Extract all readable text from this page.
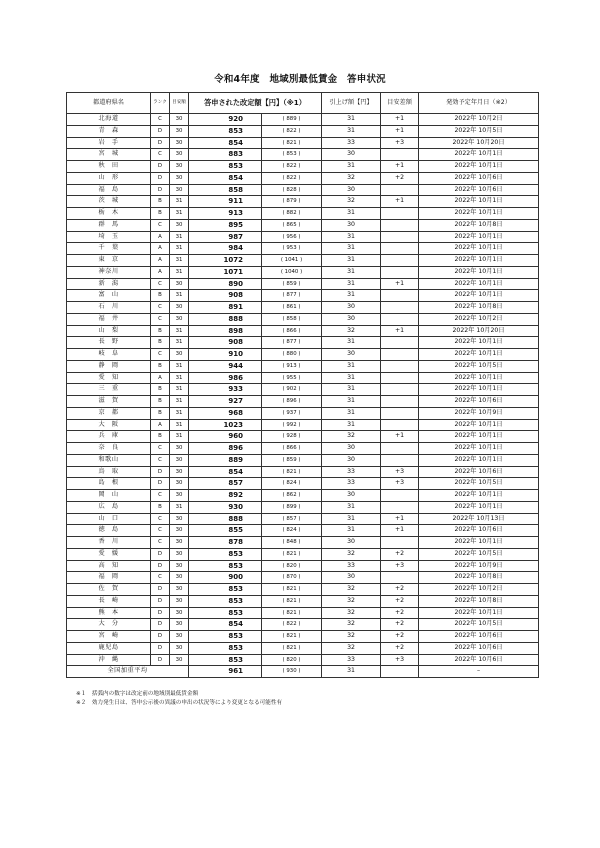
令和4年度　地域別最低賃金　答申状況
都道府県名	ランク	目安額	答申された改定額【円】（※1）		引上げ額【円】	目安差額	発効予定年月日（※2）
北海道	C	30	920	( 889 )	31	+1	2022年 10月2日
青　森	D	30	853	( 822 )	31	+1	2022年 10月5日
岩　手	D	30	854	( 821 )	33	+3	2022年 10月20日
宮　城	C	30	883	( 853 )	30		2022年 10月1日
秋　田	D	30	853	( 822 )	31	+1	2022年 10月1日
山　形	D	30	854	( 822 )	32	+2	2022年 10月6日
福　島	D	30	858	( 828 )	30		2022年 10月6日
茨　城	B	31	911	( 879 )	32	+1	2022年 10月1日
栃　木	B	31	913	( 882 )	31		2022年 10月1日
群　馬	C	30	895	( 865 )	30		2022年 10月8日
埼　玉	A	31	987	( 956 )	31		2022年 10月1日
千　葉	A	31	984	( 953 )	31		2022年 10月1日
東　京	A	31	1072	( 1041 )	31		2022年 10月1日
神奈川	A	31	1071	( 1040 )	31		2022年 10月1日
新　潟	C	30	890	( 859 )	31	+1	2022年 10月1日
富　山	B	31	908	( 877 )	31		2022年 10月1日
石　川	C	30	891	( 861 )	30		2022年 10月8日
福　井	C	30	888	( 858 )	30		2022年 10月2日
山　梨	B	31	898	( 866 )	32	+1	2022年 10月20日
長　野	B	31	908	( 877 )	31		2022年 10月1日
岐　阜	C	30	910	( 880 )	30		2022年 10月1日
静　岡	B	31	944	( 913 )	31		2022年 10月5日
愛　知	A	31	986	( 955 )	31		2022年 10月1日
三　重	B	31	933	( 902 )	31		2022年 10月1日
滋　賀	B	31	927	( 896 )	31		2022年 10月6日
京　都	B	31	968	( 937 )	31		2022年 10月9日
大　阪	A	31	1023	( 992 )	31		2022年 10月1日
兵　庫	B	31	960	( 928 )	32	+1	2022年 10月1日
奈　良	C	30	896	( 866 )	30		2022年 10月1日
和歌山	C	30	889	( 859 )	30		2022年 10月1日
鳥　取	D	30	854	( 821 )	33	+3	2022年 10月6日
島　根	D	30	857	( 824 )	33	+3	2022年 10月5日
岡　山	C	30	892	( 862 )	30		2022年 10月1日
広　島	B	31	930	( 899 )	31		2022年 10月1日
山　口	C	30	888	( 857 )	31	+1	2022年 10月13日
徳　島	C	30	855	( 824 )	31	+1	2022年 10月6日
香　川	C	30	878	( 848 )	30		2022年 10月1日
愛　媛	D	30	853	( 821 )	32	+2	2022年 10月5日
高　知	D	30	853	( 820 )	33	+3	2022年 10月9日
福　岡	C	30	900	( 870 )	30		2022年 10月8日
佐　賀	D	30	853	( 821 )	32	+2	2022年 10月2日
長　崎	D	30	853	( 821 )	32	+2	2022年 10月8日
熊　本	D	30	853	( 821 )	32	+2	2022年 10月1日
大　分	D	30	854	( 822 )	32	+2	2022年 10月5日
宮　崎	D	30	853	( 821 )	32	+2	2022年 10月6日
鹿児島	D	30	853	( 821 )	32	+2	2022年 10月6日
沖　縄	D	30	853	( 820 )	33	+3	2022年 10月6日
全国加重平均			961	( 930 )	31		–
※１　括弧内の数字は改定前の地域別最低賃金額
※２　効力発生日は、答申公示後の異議の申出の状況等により変更となる可能性有
